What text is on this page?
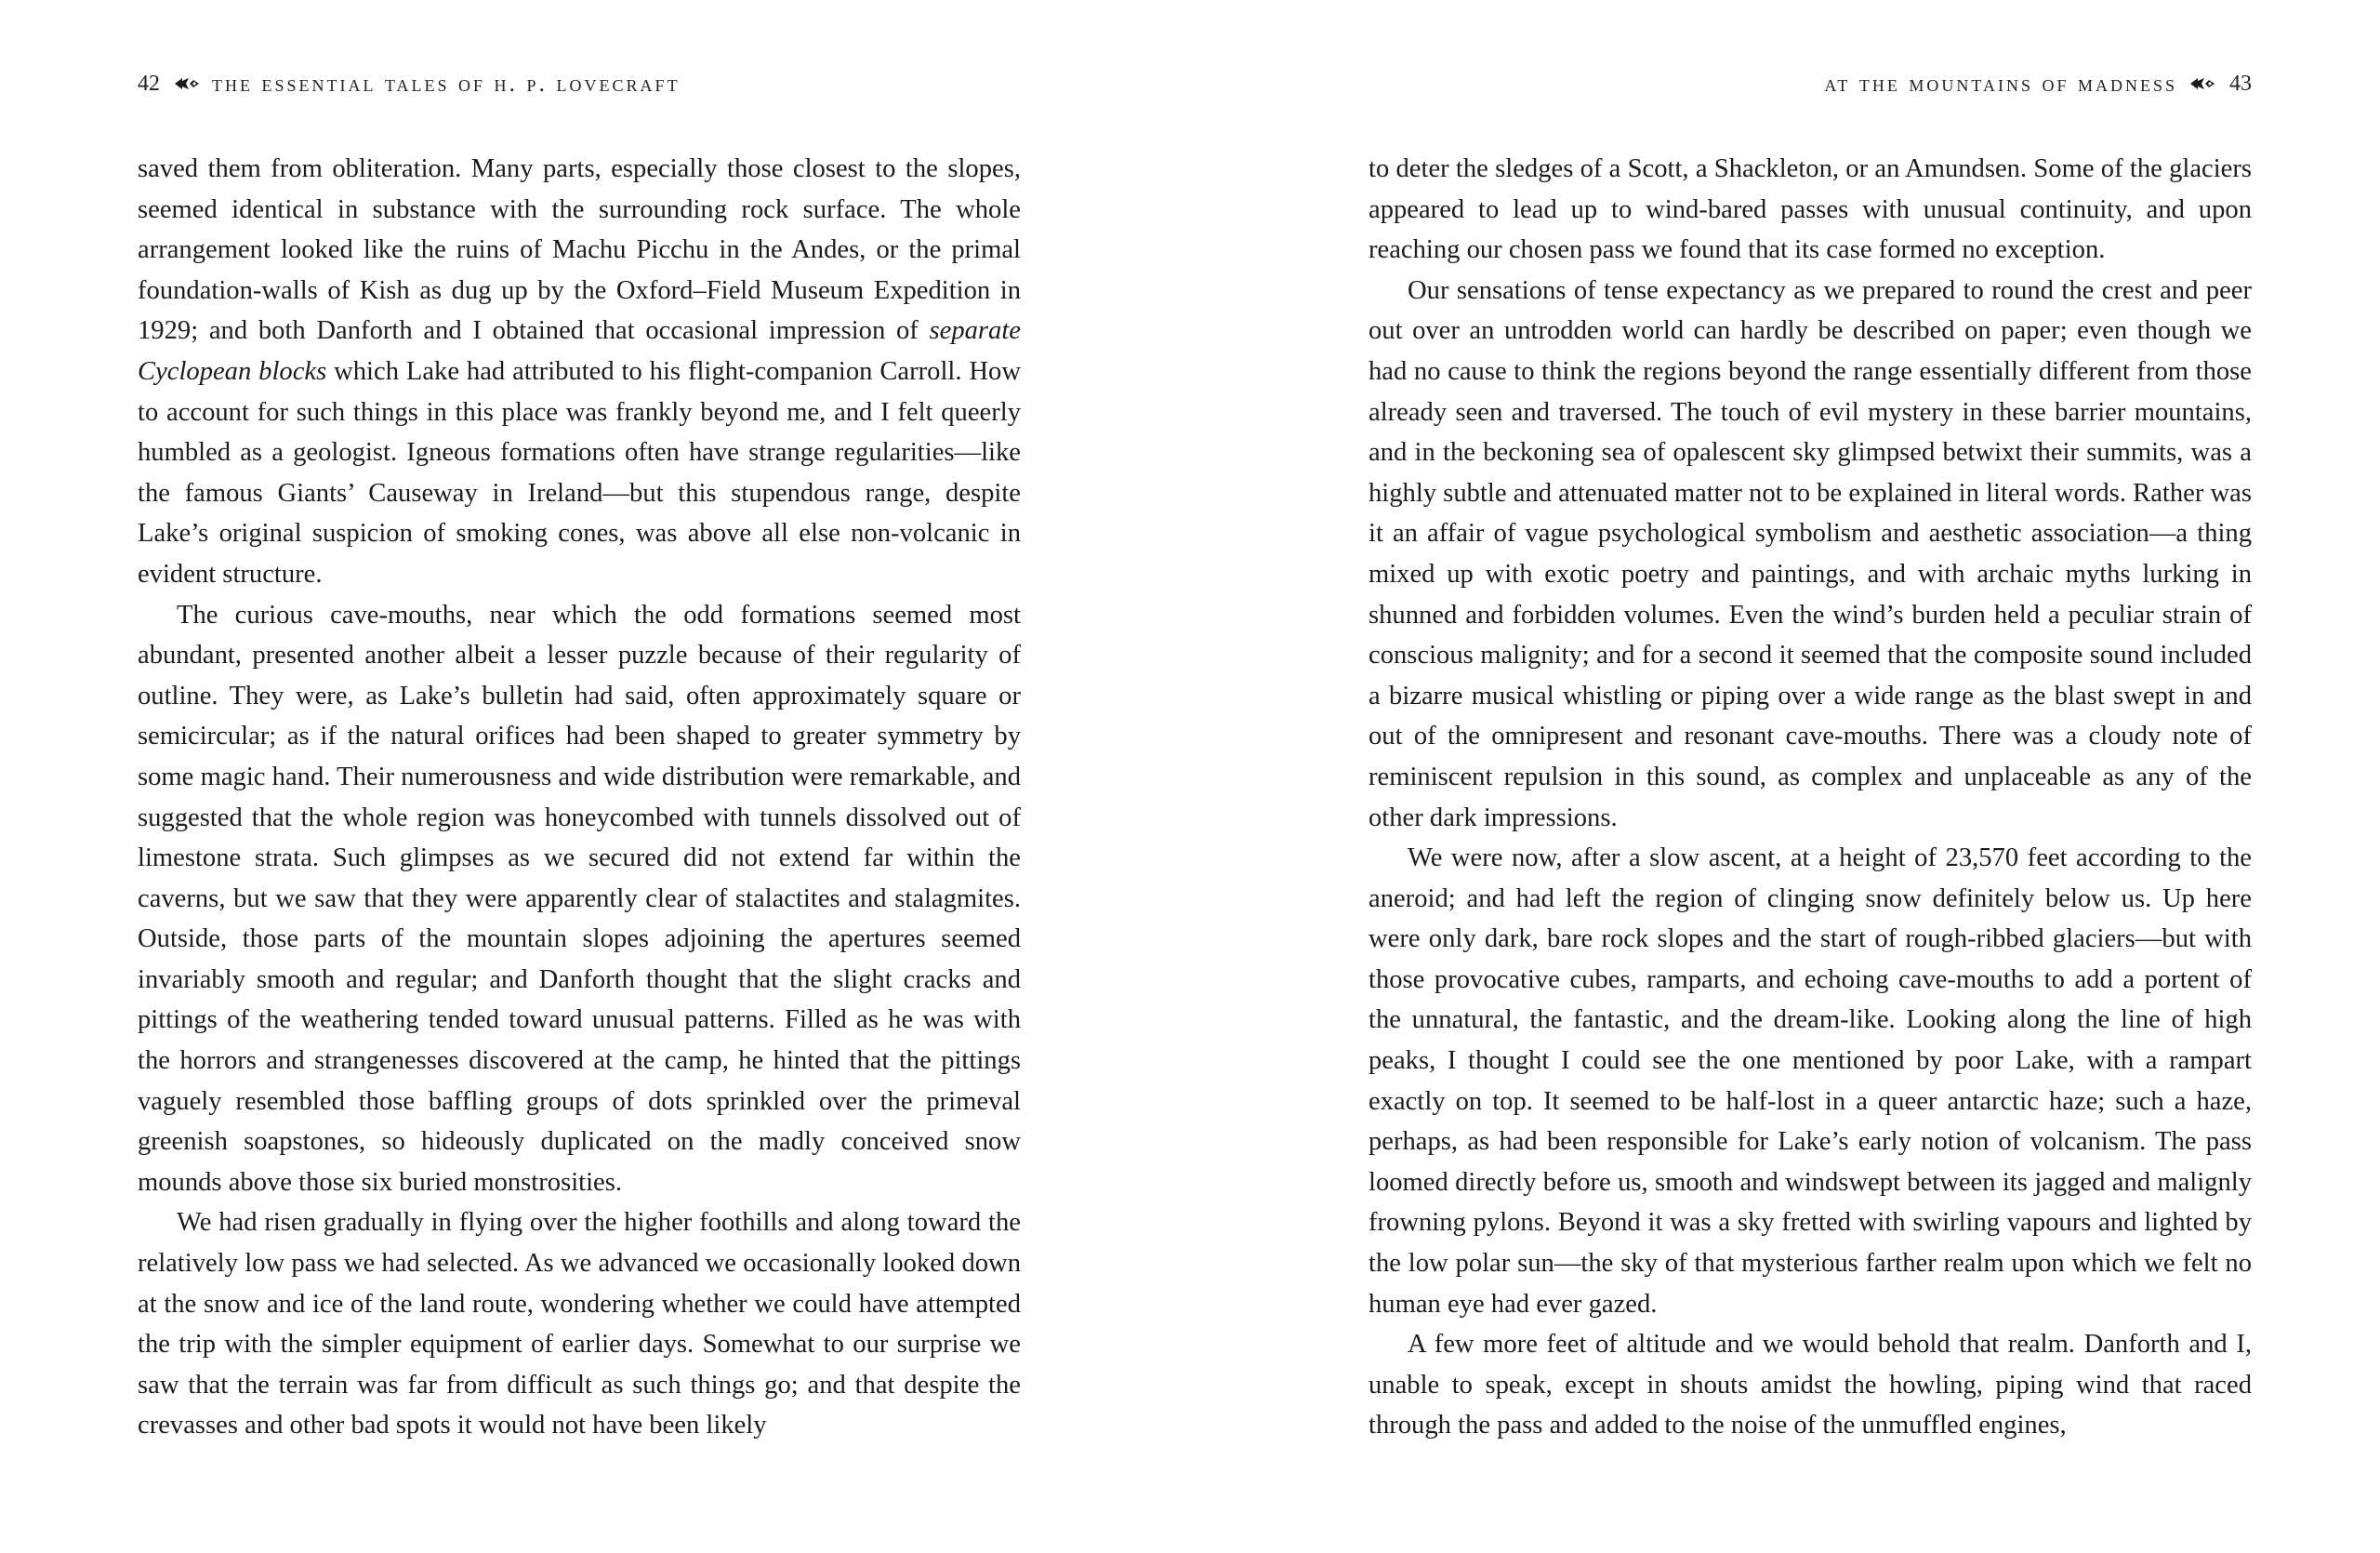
42 the essential tales of h. p. lovecraft

saved them from obliteration. Many parts, especially those closest to the slopes, seemed identical in substance with the surrounding rock surface. The whole arrangement looked like the ruins of Machu Picchu in the Andes, or the primal foundation-walls of Kish as dug up by the Oxford–Field Museum Expedition in 1929; and both Danforth and I obtained that occasional impression of separate Cyclopean blocks which Lake had attributed to his flight-companion Carroll. How to account for such things in this place was frankly beyond me, and I felt queerly humbled as a geologist. Igneous formations often have strange regularities—like the famous Giants’ Causeway in Ireland—but this stupendous range, despite Lake’s original suspicion of smoking cones, was above all else non-volcanic in evident structure.

The curious cave-mouths, near which the odd formations seemed most abundant, presented another albeit a lesser puzzle because of their regularity of outline. They were, as Lake’s bulletin had said, often approximately square or semicircular; as if the natural orifices had been shaped to greater symmetry by some magic hand. Their numerousness and wide distribution were remarkable, and suggested that the whole region was honeycombed with tunnels dissolved out of limestone strata. Such glimpses as we secured did not extend far within the caverns, but we saw that they were apparently clear of stalactites and stalagmites. Outside, those parts of the mountain slopes adjoining the apertures seemed invariably smooth and regular; and Danforth thought that the slight cracks and pittings of the weathering tended toward unusual patterns. Filled as he was with the horrors and strangenesses discovered at the camp, he hinted that the pittings vaguely resembled those baffling groups of dots sprinkled over the primeval greenish soapstones, so hideously duplicated on the madly conceived snow mounds above those six buried monstrosities.

We had risen gradually in flying over the higher foothills and along toward the relatively low pass we had selected. As we advanced we occasionally looked down at the snow and ice of the land route, wondering whether we could have attempted the trip with the simpler equipment of earlier days. Somewhat to our surprise we saw that the terrain was far from difficult as such things go; and that despite the crevasses and other bad spots it would not have been likely

at the mountains of madness 43

to deter the sledges of a Scott, a Shackleton, or an Amundsen. Some of the glaciers appeared to lead up to wind-bared passes with unusual continuity, and upon reaching our chosen pass we found that its case formed no exception.

Our sensations of tense expectancy as we prepared to round the crest and peer out over an untrodden world can hardly be described on paper; even though we had no cause to think the regions beyond the range essentially different from those already seen and traversed. The touch of evil mystery in these barrier mountains, and in the beckoning sea of opalescent sky glimpsed betwixt their summits, was a highly subtle and attenuated matter not to be explained in literal words. Rather was it an affair of vague psychological symbolism and aesthetic association—a thing mixed up with exotic poetry and paintings, and with archaic myths lurking in shunned and forbidden volumes. Even the wind’s burden held a peculiar strain of conscious malignity; and for a second it seemed that the composite sound included a bizarre musical whistling or piping over a wide range as the blast swept in and out of the omnipresent and resonant cave-mouths. There was a cloudy note of reminiscent repulsion in this sound, as complex and unplaceable as any of the other dark impressions.

We were now, after a slow ascent, at a height of 23,570 feet according to the aneroid; and had left the region of clinging snow definitely below us. Up here were only dark, bare rock slopes and the start of rough-ribbed glaciers—but with those provocative cubes, ramparts, and echoing cave-mouths to add a portent of the unnatural, the fantastic, and the dream-like. Looking along the line of high peaks, I thought I could see the one mentioned by poor Lake, with a rampart exactly on top. It seemed to be half-lost in a queer antarctic haze; such a haze, perhaps, as had been responsible for Lake’s early notion of volcanism. The pass loomed directly before us, smooth and windswept between its jagged and malignly frowning pylons. Beyond it was a sky fretted with swirling vapours and lighted by the low polar sun—the sky of that mysterious farther realm upon which we felt no human eye had ever gazed.

A few more feet of altitude and we would behold that realm. Danforth and I, unable to speak, except in shouts amidst the howling, piping wind that raced through the pass and added to the noise of the unmuffled engines,
